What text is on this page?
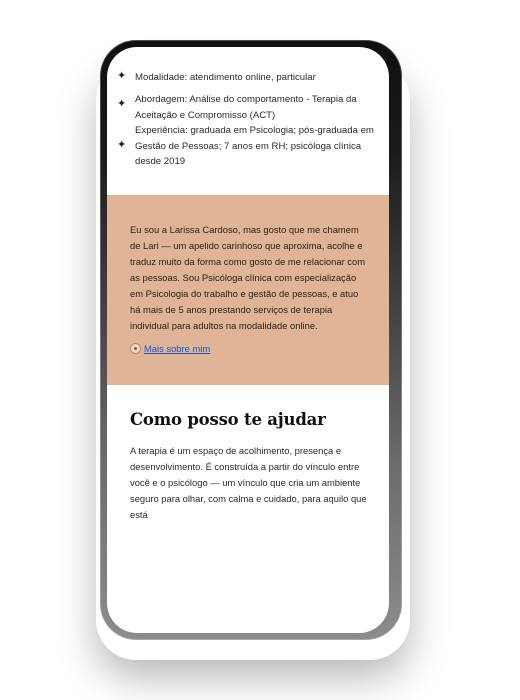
✦ Modalidade: atendimento online, particular
✦ Abordagem: Análise do comportamento - Terapia da Aceitação e Compromisso (ACT)
✦
Experiência: graduada em Psicologia; pós-graduada em Gestão de Pessoas; 7 anos em RH; psicóloga clínica desde 2019
Eu sou a Larissa Cardoso, mas gosto que me chamem de Lari — um apelido carinhoso que aproxima, acolhe e traduz muito da forma como gosto de me relacionar com as pessoas. Sou Psicóloga clínica com especialização em Psicologia do trabalho e gestão de pessoas, e atuo há mais de 5 anos prestando serviços de terapia individual para adultos na modalidade online.
Mais sobre mim
Como posso te ajudar
A terapia é um espaço de acolhimento, presença e desenvolvimento. É construída a partir do vínculo entre você e o psicólogo — um vínculo que cria um ambiente seguro para olhar, com calma e cuidado, para aquilo que está
